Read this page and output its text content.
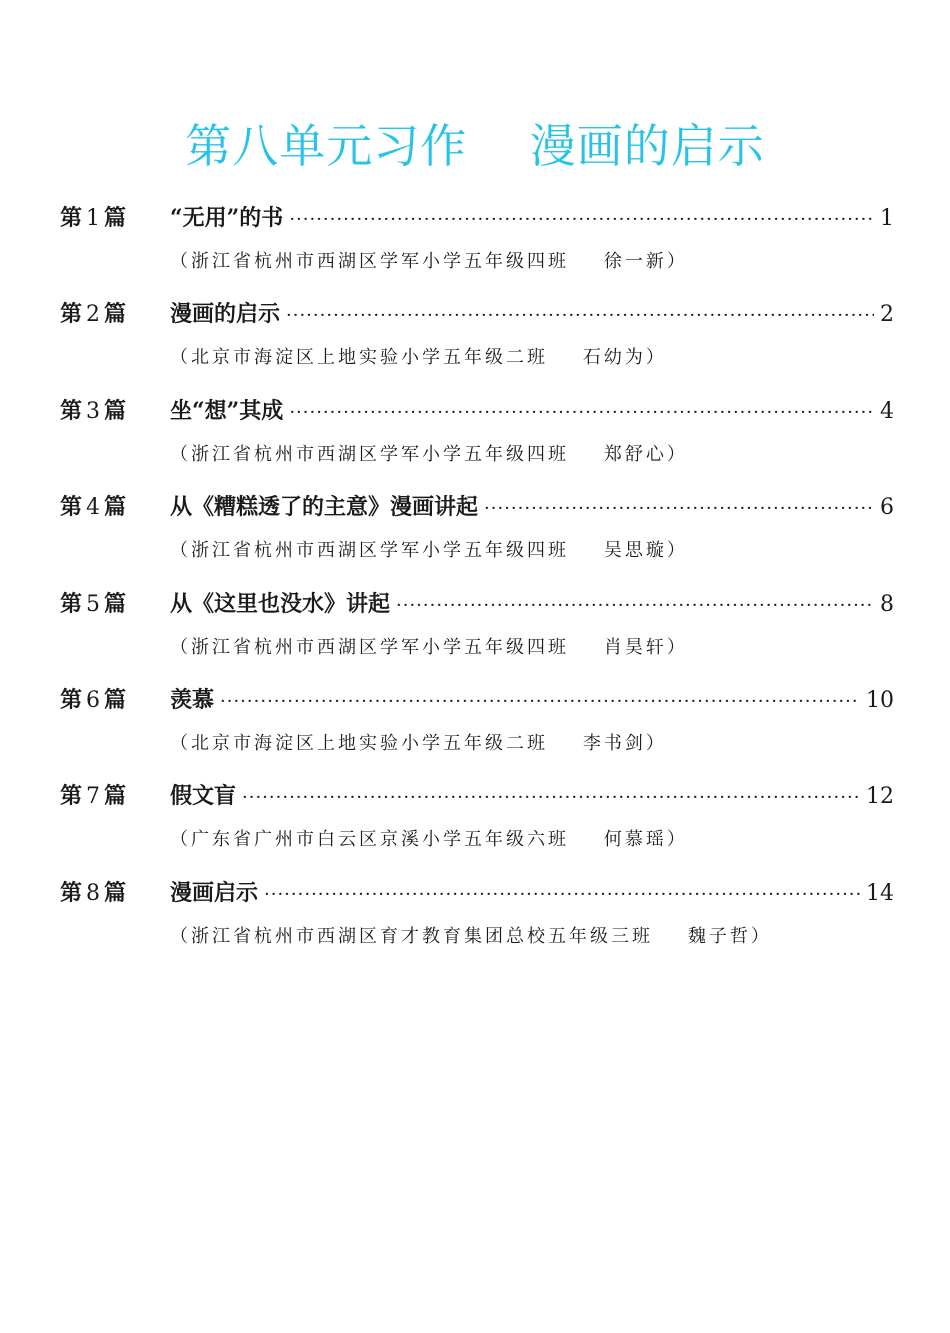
第八单元习作    漫画的启示
第 1 篇	“无用”的书 ·····	1
（浙江省杭州市西湖区学军小学五年级四班    徐一新）
第 2 篇	漫画的启示 ·····	2
（北京市海淀区上地实验小学五年级二班    石幼为）
第 3 篇	坐“想”其成 ·····	4
（浙江省杭州市西湖区学军小学五年级四班    郑舒心）
第 4 篇	从《糟糕透了的主意》漫画讲起 ·····	6
（浙江省杭州市西湖区学军小学五年级四班    吴思璇）
第 5 篇	从《这里也没水》讲起 ·····	8
（浙江省杭州市西湖区学军小学五年级四班    肖昊轩）
第 6 篇	羡慕 ·····	10
（北京市海淀区上地实验小学五年级二班    李书剑）
第 7 篇	假文盲 ·····	12
（广东省广州市白云区京溪小学五年级六班    何慕瑶）
第 8 篇	漫画启示 ·····	14
（浙江省杭州市西湖区育才教育集团总校五年级三班    魏子哲）
